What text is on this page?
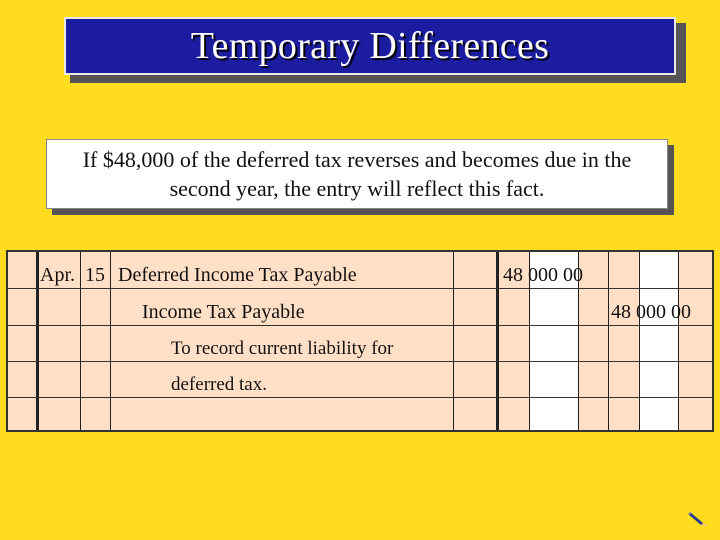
Temporary Differences
If $48,000 of the deferred tax reverses and becomes due in the second year, the entry will reflect this fact.
Apr. 15 Deferred Income Tax Payable	48 000 00
Income Tax Payable	48 000 00
To record current liability for
deferred tax.
